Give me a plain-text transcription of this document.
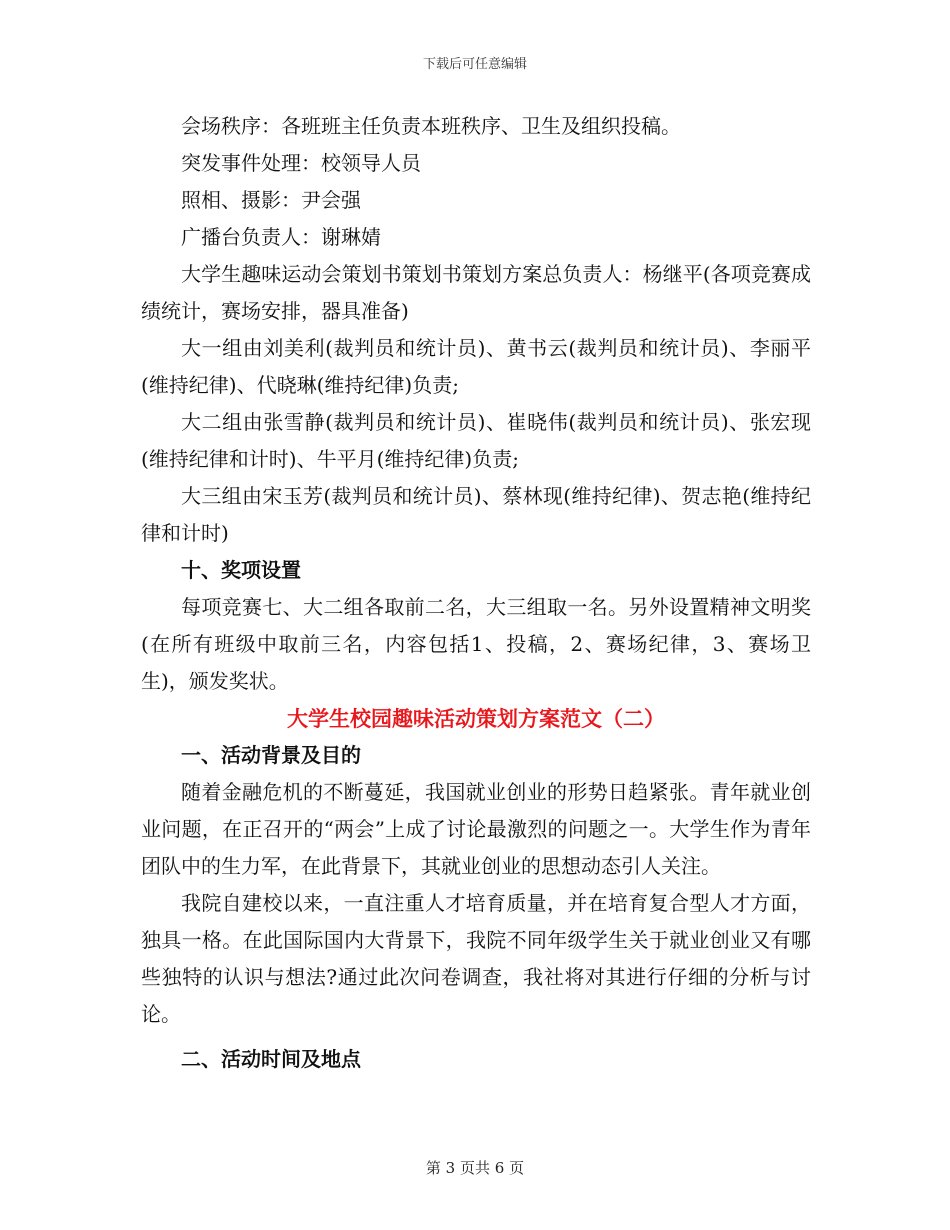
下载后可任意编辑

会场秩序：各班班主任负责本班秩序、卫生及组织投稿。

突发事件处理：校领导人员

照相、摄影：尹会强

广播台负责人：谢琳婧

大学生趣味运动会策划书策划书策划方案总负责人：杨继平(各项竞赛成绩统计，赛场安排，器具准备)

大一组由刘美利(裁判员和统计员)、黄书云(裁判员和统计员)、李丽平(维持纪律)、代晓琳(维持纪律)负责;

大二组由张雪静(裁判员和统计员)、崔晓伟(裁判员和统计员)、张宏现(维持纪律和计时)、牛平月(维持纪律)负责;

大三组由宋玉芳(裁判员和统计员)、蔡林现(维持纪律)、贺志艳(维持纪律和计时)

十、奖项设置

每项竞赛七、大二组各取前二名，大三组取一名。另外设置精神文明奖(在所有班级中取前三名，内容包括1、投稿，2、赛场纪律，3、赛场卫生)，颁发奖状。

大学生校园趣味活动策划方案范文（二）

一、活动背景及目的

随着金融危机的不断蔓延，我国就业创业的形势日趋紧张。青年就业创业问题，在正召开的“两会”上成了讨论最激烈的问题之一。大学生作为青年团队中的生力军，在此背景下，其就业创业的思想动态引人关注。

我院自建校以来，一直注重人才培育质量，并在培育复合型人才方面，独具一格。在此国际国内大背景下，我院不同年级学生关于就业创业又有哪些独特的认识与想法?通过此次问卷调查，我社将对其进行仔细的分析与讨论。

二、活动时间及地点

第 3 页共 6 页
